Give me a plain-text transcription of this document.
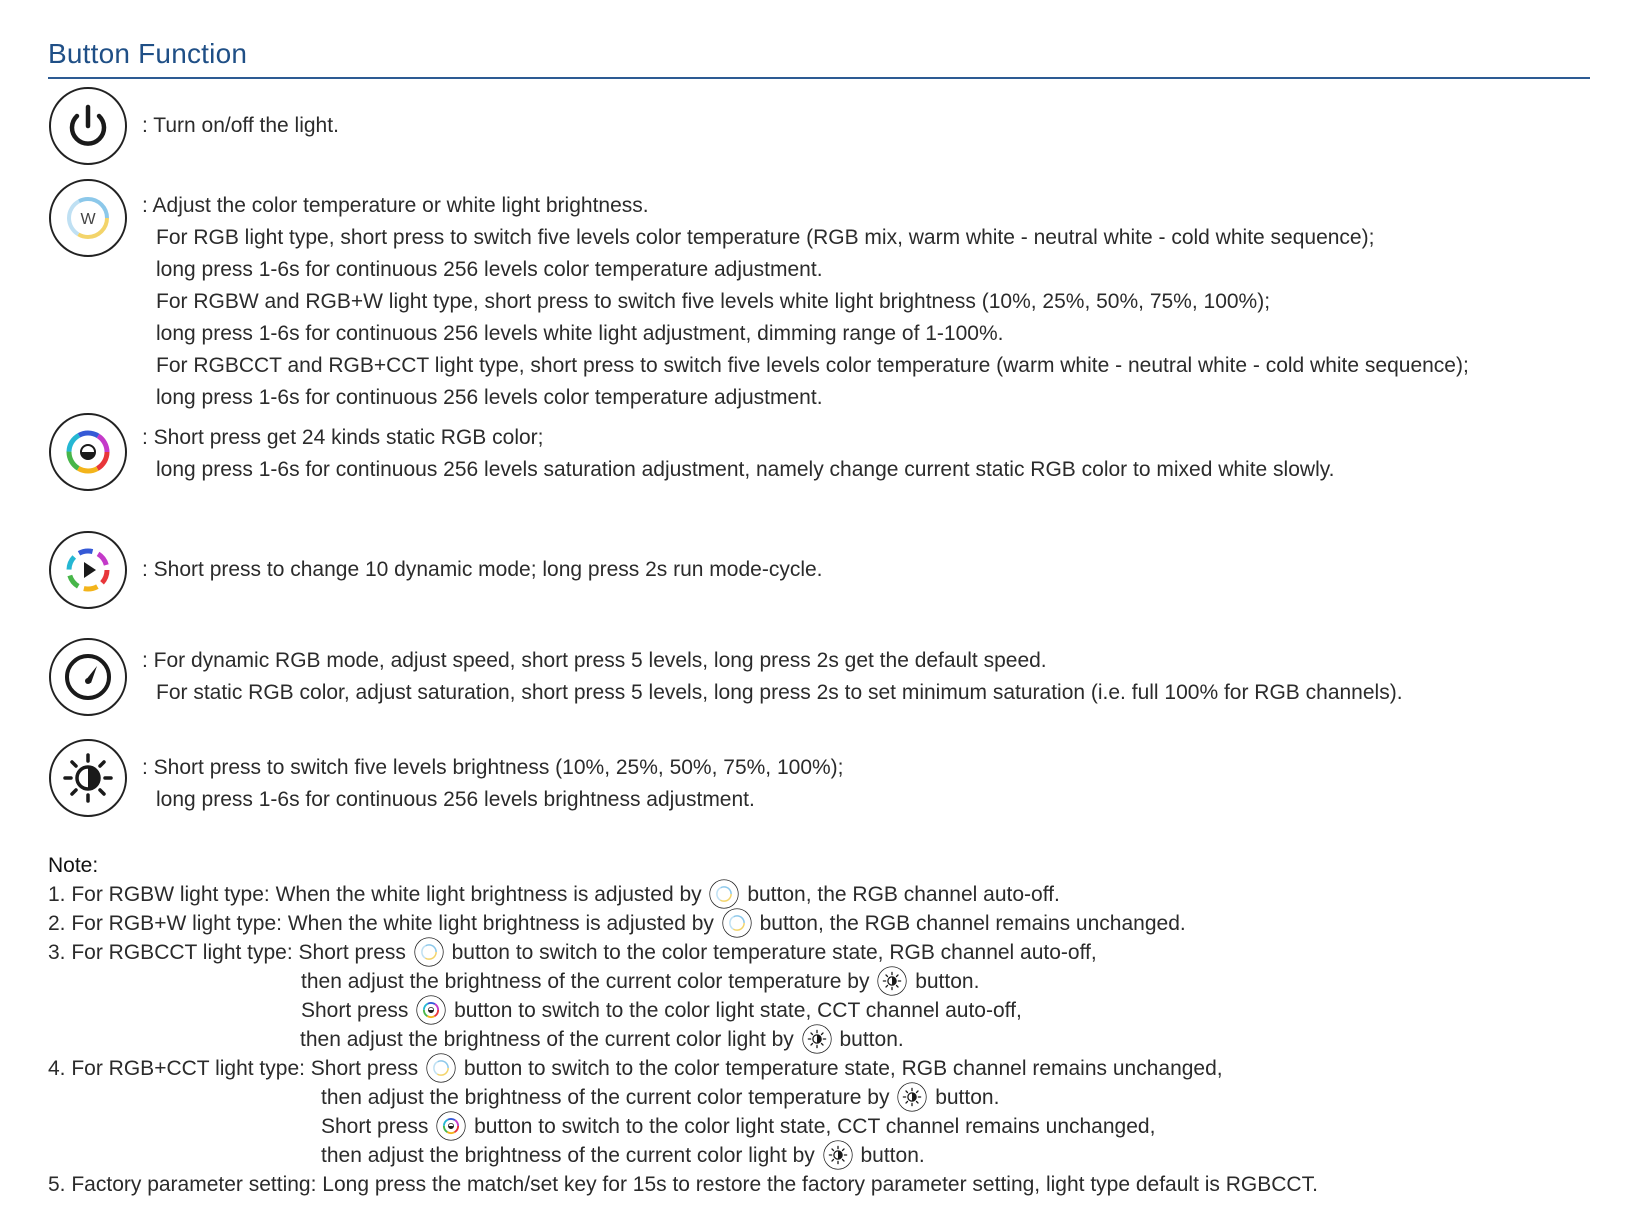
Button Function
: Turn on/off the light.
W
: Adjust the color temperature or white light brightness.
For RGB light type, short press to switch five levels color temperature (RGB mix, warm white - neutral white - cold white sequence);
long press 1-6s for continuous 256 levels color temperature adjustment.
For RGBW and RGB+W light type, short press to switch five levels white light brightness (10%, 25%, 50%, 75%, 100%);
long press 1-6s for continuous 256 levels white light adjustment, dimming range of 1-100%.
For RGBCCT and RGB+CCT light type, short press to switch five levels color temperature (warm white - neutral white - cold white sequence);
long press 1-6s for continuous 256 levels color temperature adjustment.
: Short press get 24 kinds static RGB color;
long press 1-6s for continuous 256 levels saturation adjustment, namely change current static RGB color to mixed white slowly.
: Short press to change 10 dynamic mode; long press 2s run mode-cycle.
: For dynamic RGB mode, adjust speed, short press 5 levels, long press 2s get the default speed.
For static RGB color, adjust saturation, short press 5 levels, long press 2s to set minimum saturation (i.e. full 100% for RGB channels).
: Short press to switch five levels brightness (10%, 25%, 50%, 75%, 100%);
long press 1-6s for continuous 256 levels brightness adjustment.
Note:
1. For RGBW light type: When the white light brightness is adjusted by button, the RGB channel auto-off.
2. For RGB+W light type: When the white light brightness is adjusted by button, the RGB channel remains unchanged.
3. For RGBCCT light type: Short press button to switch to the color temperature state, RGB channel auto-off,
then adjust the brightness of the current color temperature by button.
Short press button to switch to the color light state, CCT channel auto-off,
then adjust the brightness of the current color light by button.
4. For RGB+CCT light type: Short press button to switch to the color temperature state, RGB channel remains unchanged,
then adjust the brightness of the current color temperature by button.
Short press button to switch to the color light state, CCT channel remains unchanged,
then adjust the brightness of the current color light by button.
5. Factory parameter setting: Long press the match/set key for 15s to restore the factory parameter setting, light type default is RGBCCT.
